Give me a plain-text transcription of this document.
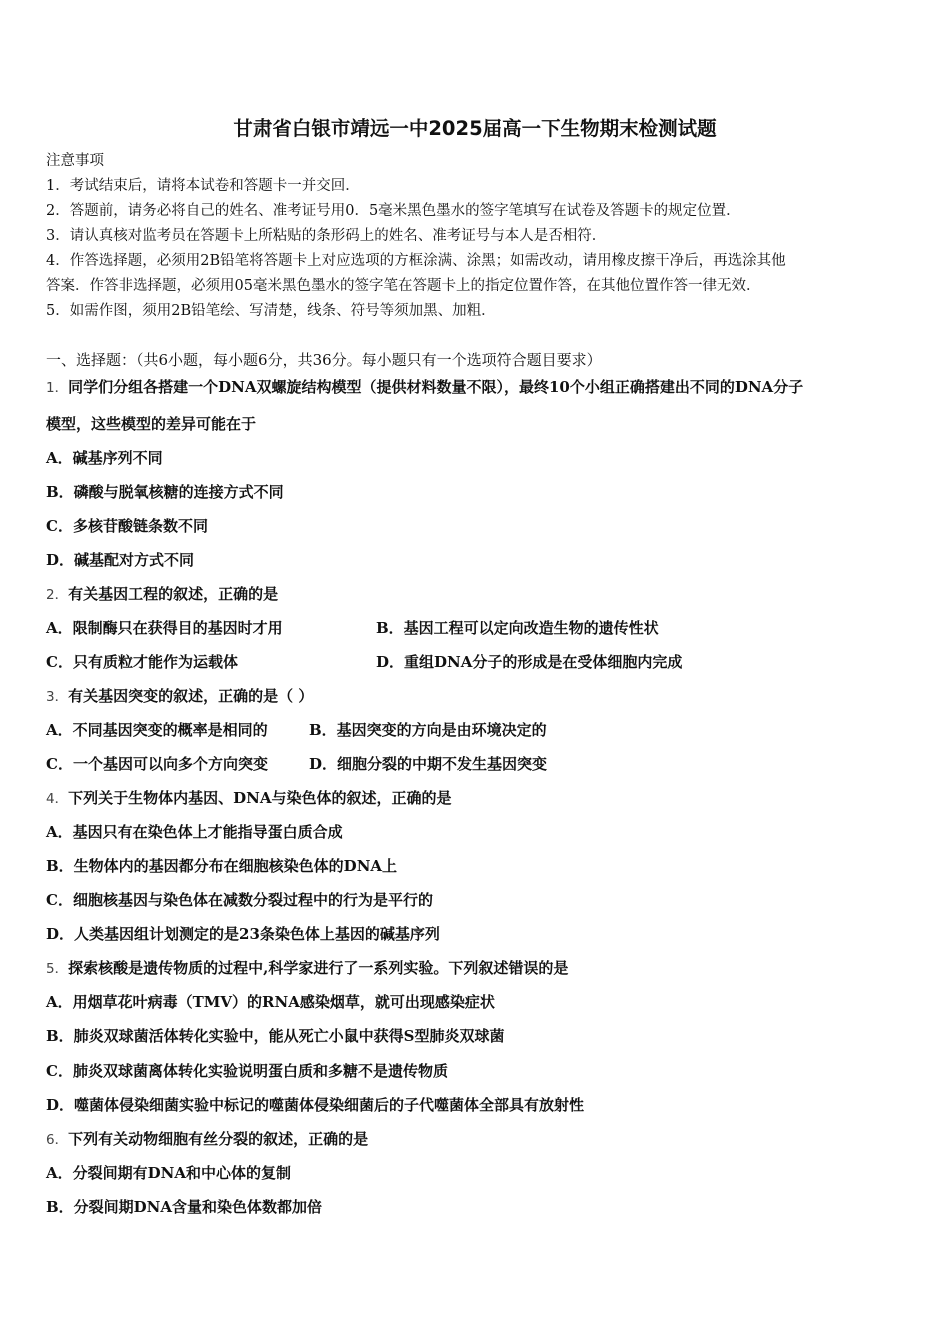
甘肃省白银市靖远一中2025届高一下生物期末检测试题
注意事项
1．考试结束后，请将本试卷和答题卡一并交回．
2．答题前，请务必将自己的姓名、准考证号用0．5毫米黑色墨水的签字笔填写在试卷及答题卡的规定位置．
3．请认真核对监考员在答题卡上所粘贴的条形码上的姓名、准考证号与本人是否相符．
4．作答选择题，必须用2B铅笔将答题卡上对应选项的方框涂满、涂黑；如需改动，请用橡皮擦干净后，再选涂其他
答案．作答非选择题，必须用05毫米黑色墨水的签字笔在答题卡上的指定位置作答，在其他位置作答一律无效．
5．如需作图，须用2B铅笔绘、写清楚，线条、符号等须加黑、加粗．
一、选择题：（共6小题，每小题6分，共36分。每小题只有一个选项符合题目要求）
1．同学们分组各搭建一个DNA双螺旋结构模型（提供材料数量不限），最终10个小组正确搭建出不同的DNA分子
模型，这些模型的差异可能在于
A．碱基序列不同
B．磷酸与脱氧核糖的连接方式不同
C．多核苷酸链条数不同
D．碱基配对方式不同
2．有关基因工程的叙述，正确的是
A．限制酶只在获得目的基因时才用	B．基因工程可以定向改造生物的遗传性状
C．只有质粒才能作为运载体	D．重组DNA分子的形成是在受体细胞内完成
3．有关基因突变的叙述，正确的是（ ）
A．不同基因突变的概率是相同的	B．基因突变的方向是由环境决定的
C．一个基因可以向多个方向突变	D．细胞分裂的中期不发生基因突变
4．下列关于生物体内基因、DNA与染色体的叙述，正确的是
A．基因只有在染色体上才能指导蛋白质合成
B．生物体内的基因都分布在细胞核染色体的DNA上
C．细胞核基因与染色体在减数分裂过程中的行为是平行的
D．人类基因组计划测定的是23条染色体上基因的碱基序列
5．探索核酸是遗传物质的过程中,科学家进行了一系列实验。下列叙述错误的是
A．用烟草花叶病毒（TMV）的RNA感染烟草，就可出现感染症状
B．肺炎双球菌活体转化实验中，能从死亡小鼠中获得S型肺炎双球菌
C．肺炎双球菌离体转化实验说明蛋白质和多糖不是遗传物质
D．噬菌体侵染细菌实验中标记的噬菌体侵染细菌后的子代噬菌体全部具有放射性
6．下列有关动物细胞有丝分裂的叙述，正确的是
A．分裂间期有DNA和中心体的复制
B．分裂间期DNA含量和染色体数都加倍
